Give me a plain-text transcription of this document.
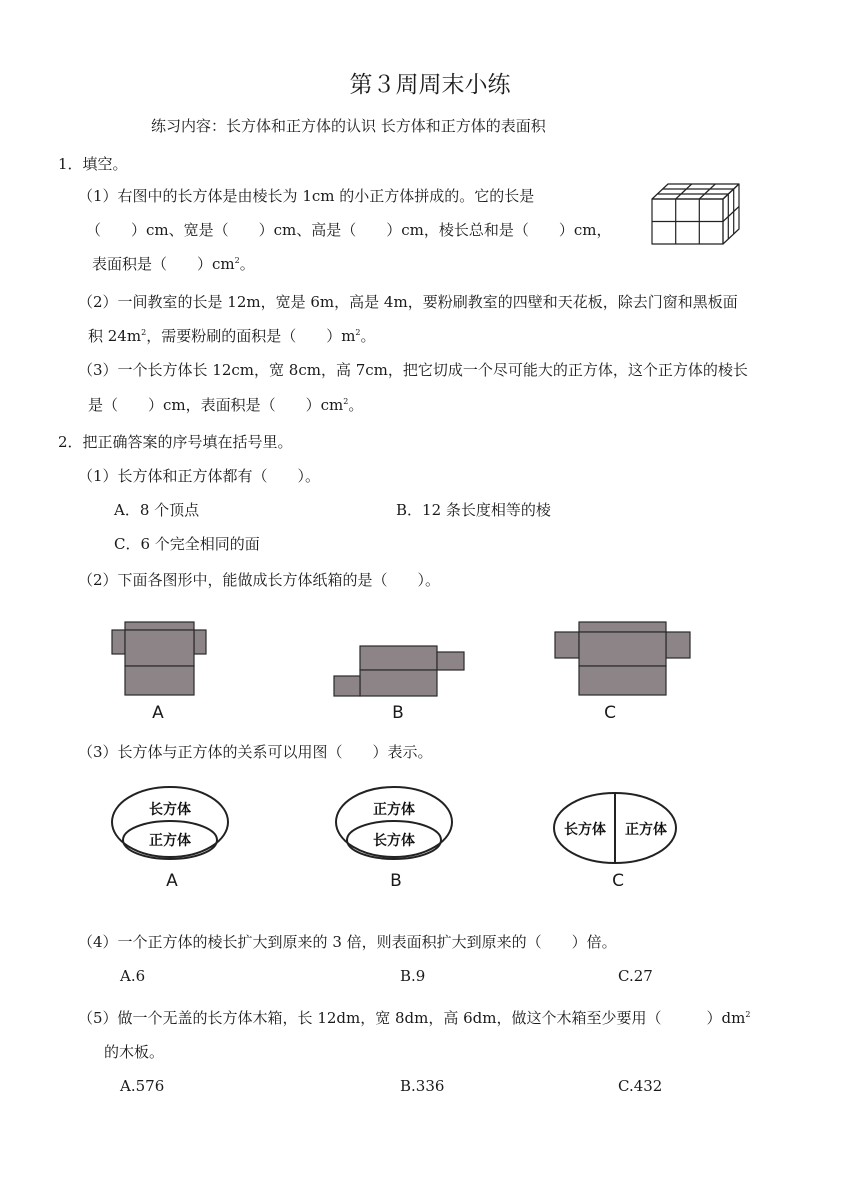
第３周周末小练
练习内容：长方体和正方体的认识 长方体和正方体的表面积
1．填空。
（1）右图中的长方体是由棱长为 1cm 的小正方体拼成的。它的长是
（　　）cm、宽是（　　）cm、高是（　　）cm，棱长总和是（　　）cm，
表面积是（　　）$cm^2$。
（2）一间教室的长是 12m，宽是 6m，高是 4m，要粉刷教室的四壁和天花板，除去门窗和黑板面
积 $24m^2$，需要粉刷的面积是（　　）$m^2$。
（3）一个长方体长 12cm，宽 8cm，高 7cm，把它切成一个尽可能大的正方体，这个正方体的棱长
是（　　）cm，表面积是（　　）$cm^2$。
2．把正确答案的序号填在括号里。
（1）长方体和正方体都有（　　）。
A．8 个顶点	B．12 条长度相等的棱
C．6 个完全相同的面
（2）下面各图形中，能做成长方体纸箱的是（　　）。
A	B	C
（3）长方体与正方体的关系可以用图（　　）表示。
长方体
正方体
正方体
长方体
长方体 正方体
A	B	C
（4）一个正方体的棱长扩大到原来的 3 倍，则表面积扩大到原来的（　　）倍。
A.6	B.9	C.27
（5）做一个无盖的长方体木箱，长 12dm，宽 8dm，高 6dm，做这个木箱至少要用（　　　）$dm^2$
的木板。
A.576	B.336	C.432
